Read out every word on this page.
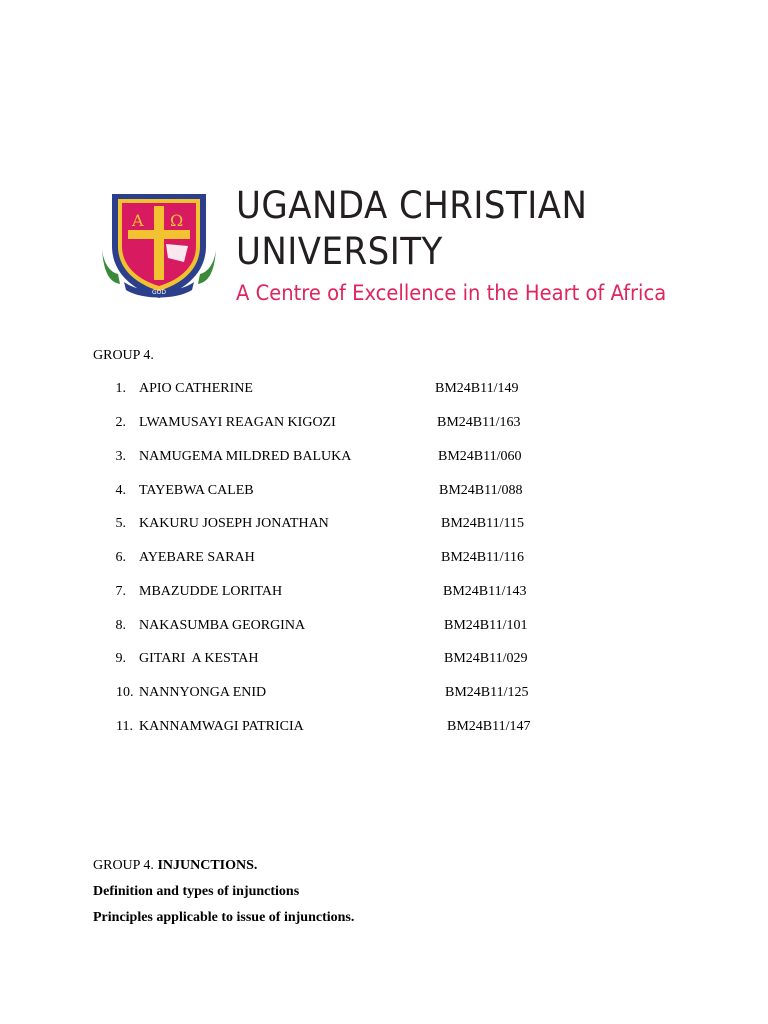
A Ω
GOD
UGANDA CHRISTIAN
UNIVERSITY
A Centre of Excellence in the Heart of Africa
GROUP 4.
1. APIO CATHERINE	BM24B11/149
2. LWAMUSAYI REAGAN KIGOZI	BM24B11/163
3. NAMUGEMA MILDRED BALUKA	BM24B11/060
4. TAYEBWA CALEB	BM24B11/088
5. KAKURU JOSEPH JONATHAN	BM24B11/115
6. AYEBARE SARAH	BM24B11/116
7. MBAZUDDE LORITAH	BM24B11/143
8. NAKASUMBA GEORGINA	BM24B11/101
9. GITARI  A KESTAH	BM24B11/029
10. NANNYONGA ENID	BM24B11/125
11. KANNAMWAGI PATRICIA	BM24B11/147
GROUP 4. INJUNCTIONS.
Definition and types of injunctions
Principles applicable to issue of injunctions.
